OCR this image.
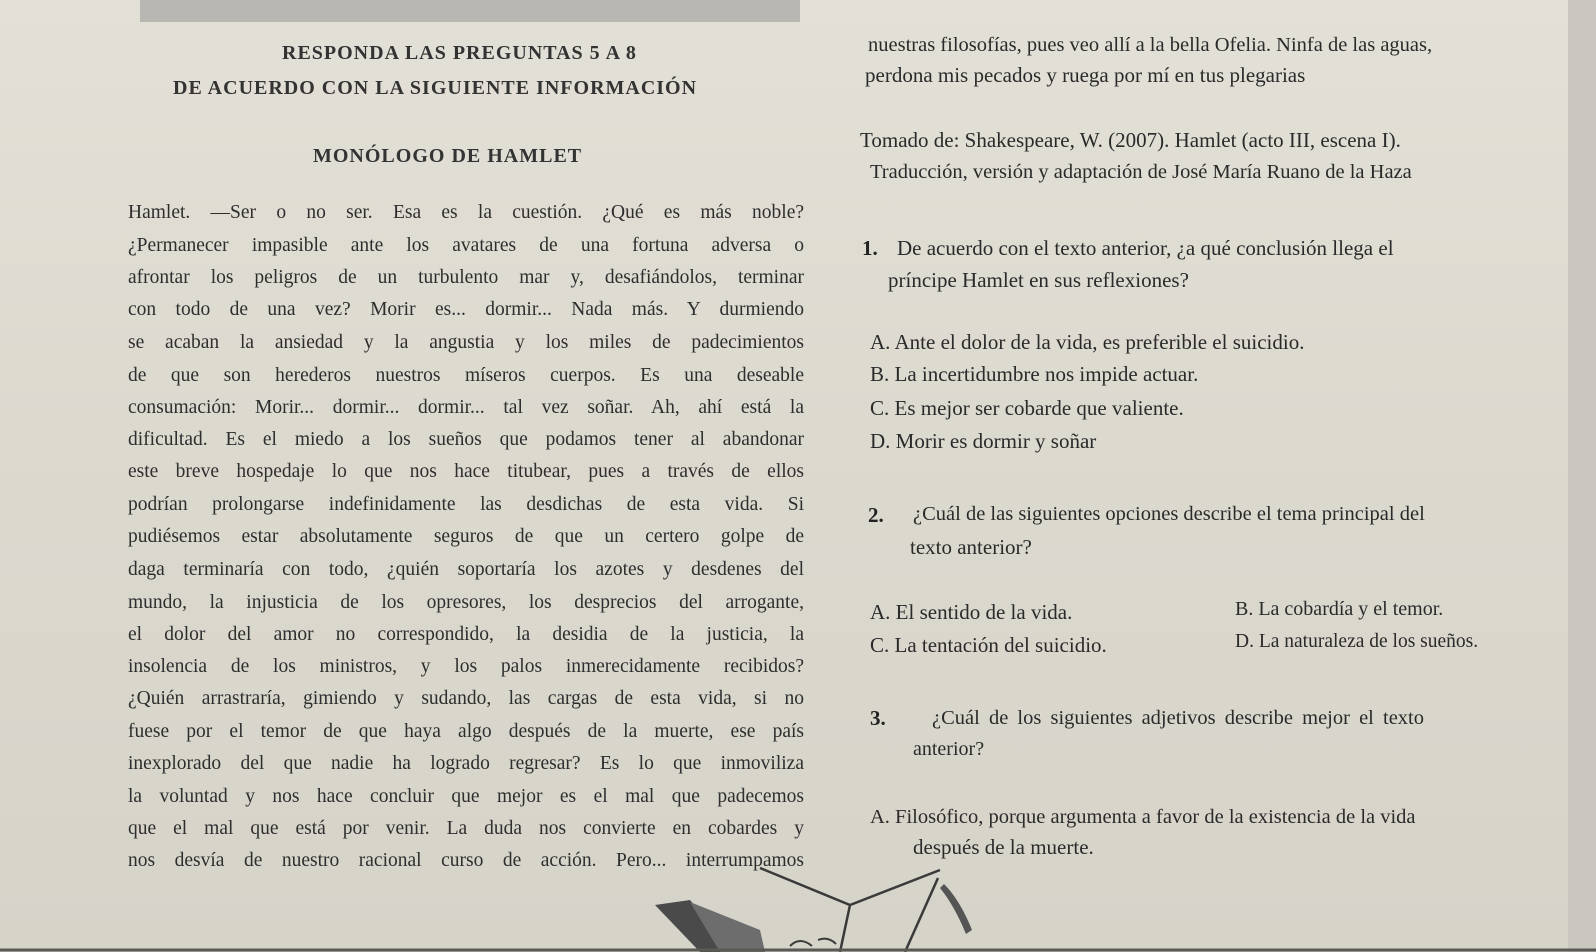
RESPONDA LAS PREGUNTAS 5 A 8
DE ACUERDO CON LA SIGUIENTE INFORMACIÓN
MONÓLOGO DE HAMLET
Hamlet. —Ser o no ser. Esa es la cuestión. ¿Qué es más noble?
¿Permanecer impasible ante los avatares de una fortuna adversa o
afrontar los peligros de un turbulento mar y, desafiándolos, terminar
con todo de una vez? Morir es... dormir... Nada más. Y durmiendo
se acaban la ansiedad y la angustia y los miles de padecimientos
de que son herederos nuestros míseros cuerpos. Es una deseable
consumación: Morir... dormir... dormir... tal vez soñar. Ah, ahí está la
dificultad. Es el miedo a los sueños que podamos tener al abandonar
este breve hospedaje lo que nos hace titubear, pues a través de ellos
podrían prolongarse indefinidamente las desdichas de esta vida. Si
pudiésemos estar absolutamente seguros de que un certero golpe de
daga terminaría con todo, ¿quién soportaría los azotes y desdenes del
mundo, la injusticia de los opresores, los desprecios del arrogante,
el dolor del amor no correspondido, la desidia de la justicia, la
insolencia de los ministros, y los palos inmerecidamente recibidos?
¿Quién arrastraría, gimiendo y sudando, las cargas de esta vida, si no
fuese por el temor de que haya algo después de la muerte, ese país
inexplorado del que nadie ha logrado regresar? Es lo que inmoviliza
la voluntad y nos hace concluir que mejor es el mal que padecemos
que el mal que está por venir. La duda nos convierte en cobardes y
nos desvía de nuestro racional curso de acción. Pero... interrumpamos
nuestras filosofías, pues veo allí a la bella Ofelia. Ninfa de las aguas,
perdona mis pecados y ruega por mí en tus plegarias
Tomado de: Shakespeare, W. (2007). Hamlet (acto III, escena I).
Traducción, versión y adaptación de José María Ruano de la Haza
1. De acuerdo con el texto anterior, ¿a qué conclusión llega el
príncipe Hamlet en sus reflexiones?
A. Ante el dolor de la vida, es preferible el suicidio.
B. La incertidumbre nos impide actuar.
C. Es mejor ser cobarde que valiente.
D. Morir es dormir y soñar
2. ¿Cuál de las siguientes opciones describe el tema principal del
texto anterior?
A. El sentido de la vida.	B. La cobardía y el temor.
C. La tentación del suicidio.	D. La naturaleza de los sueños.
3. ¿Cuál de los siguientes adjetivos describe mejor el texto
anterior?
A. Filosófico, porque argumenta a favor de la existencia de la vida
después de la muerte.
